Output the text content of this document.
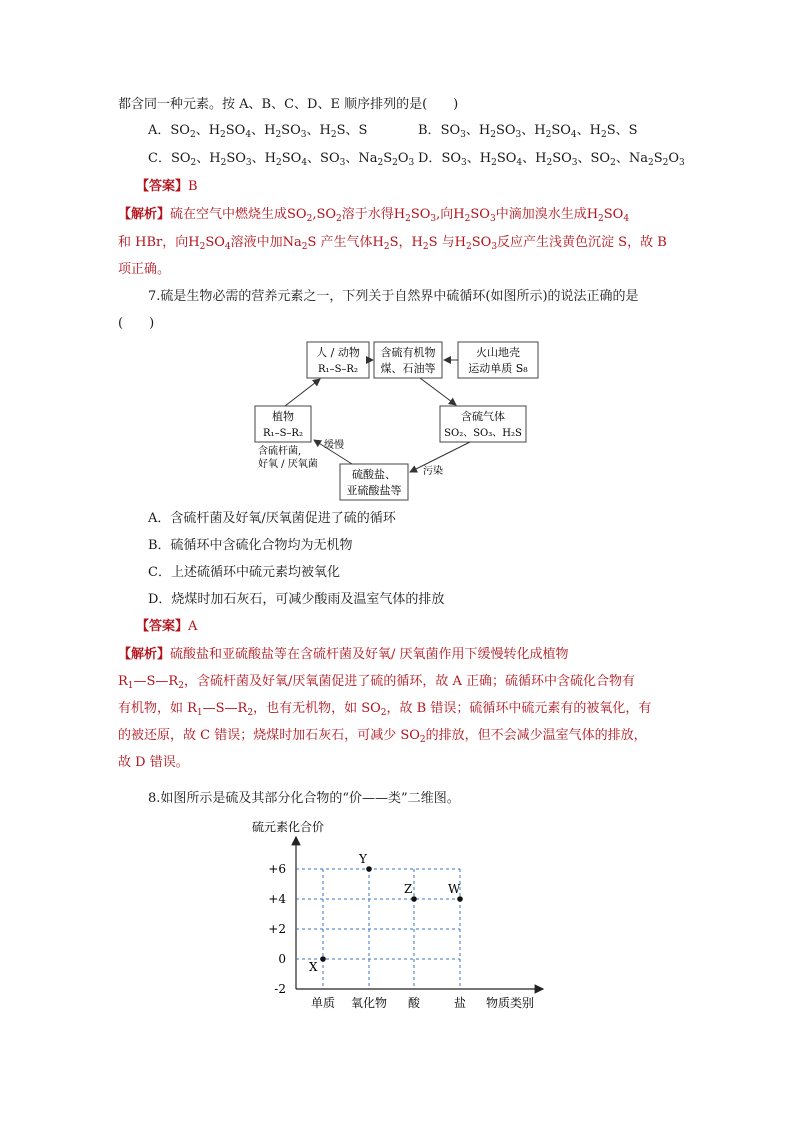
都含同一种元素。按 A、B、C、D、E 顺序排列的是(　　)
A．$SO_2$、$H_2SO_4$、$H_2SO_3$、$H_2S$、S	B．$SO_3$、$H_2SO_3$、$H_2SO_4$、$H_2S$、S
C．$SO_2$、$H_2SO_3$、$H_2SO_4$、$SO_3$、$Na_2S_2O_3$ D．$SO_3$、$H_2SO_4$、$H_2SO_3$、$SO_2$、$Na_2S_2O_3$
【答案】B
【解析】硫在空气中燃烧生成$SO_2,SO_2$溶于水得$H_2SO_3$,向$H_2SO_3$中滴加溴水生成$H_2SO_4$
和 HBr，向$H_2SO_4$溶液中加$Na_2S$ 产生气体$H_2S$，$H_2S$ 与$H_2SO_3$反应产生浅黄色沉淀 S，故 B
项正确。
7.硫是生物必需的营养元素之一，下列关于自然界中硫循环(如图所示)的说法正确的是
(　　)
人 / 动物
R₁–S–R₂
含硫有机物
煤、石油等
火山地壳
运动单质 S₈
植物
R₁–S–R₂
含硫气体
SO₂、SO₃、H₂S
硫酸盐、
亚硫酸盐等
缓慢
含硫杆菌,
好氧 / 厌氧菌
污染
A．含硫杆菌及好氧/厌氧菌促进了硫的循环
B．硫循环中含硫化合物均为无机物
C．上述硫循环中硫元素均被氧化
D．烧煤时加石灰石，可减少酸雨及温室气体的排放
【答案】A
【解析】硫酸盐和亚硫酸盐等在含硫杆菌及好氧/ 厌氧菌作用下缓慢转化成植物
$R_1—S—R_2$，含硫杆菌及好氧/厌氧菌促进了硫的循环，故 A 正确；硫循环中含硫化合物有
有机物，如 $R_1—S—R_2$，也有无机物，如 $SO_2$，故 B 错误；硫循环中硫元素有的被氧化，有
的被还原，故 C 错误；烧煤时加石灰石，可减少 $SO_2$的排放，但不会减少温室气体的排放，
故 D 错误。
8.如图所示是硫及其部分化合物的“价——类”二维图。
硫元素化合价
+6
+4
+2
0
-2
单质 氧化物 酸	盐 物质类别
X
Y
Z	W
